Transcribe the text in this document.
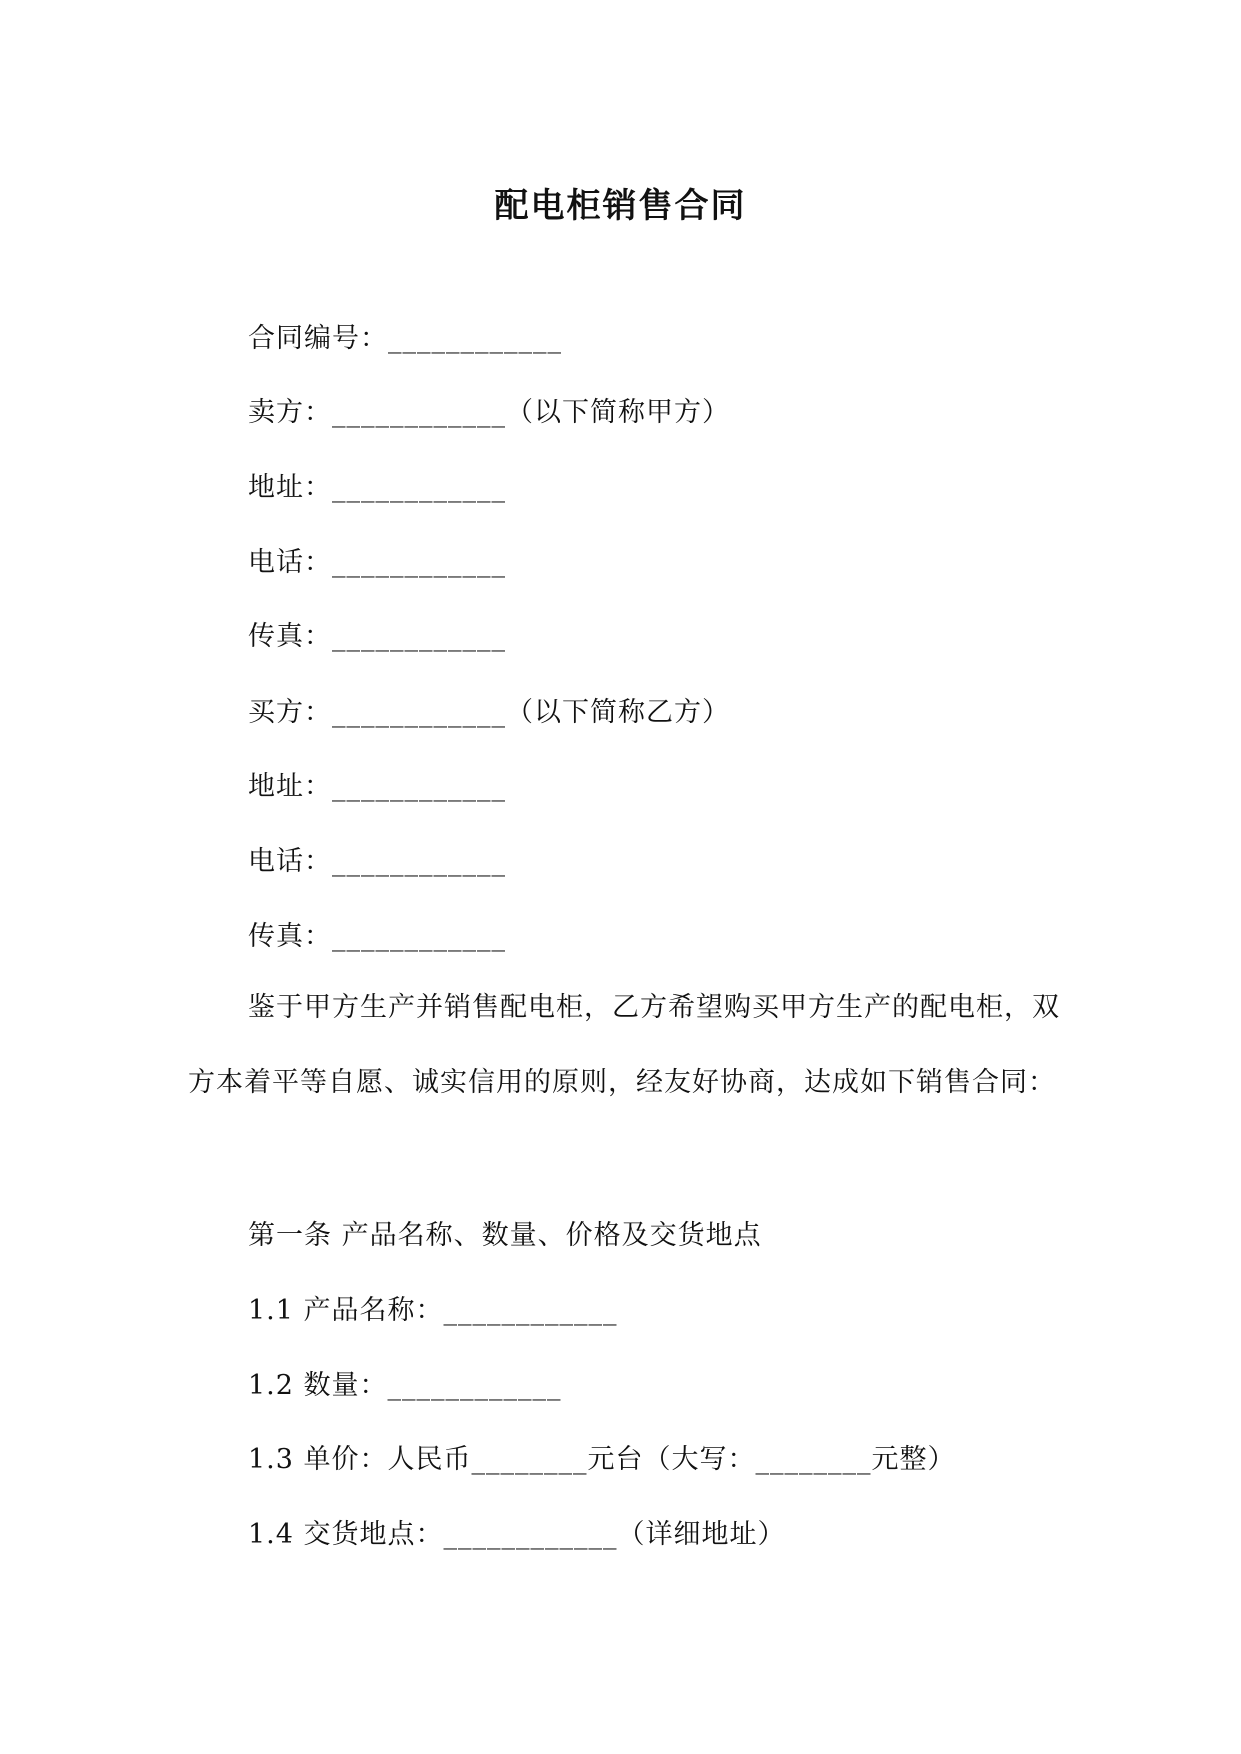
配电柜销售合同
合同编号：____________
卖方：____________（以下简称甲方）
地址：____________
电话：____________
传真：____________
买方：____________（以下简称乙方）
地址：____________
电话：____________
传真：____________
鉴于甲方生产并销售配电柜，乙方希望购买甲方生产的配电柜，双方本着平等自愿、诚实信用的原则，经友好协商，达成如下销售合同：
第一条 产品名称、数量、价格及交货地点
1.1 产品名称：____________
1.2 数量：____________
1.3 单价：人民币________元台（大写：________元整）
1.4 交货地点：____________（详细地址）
